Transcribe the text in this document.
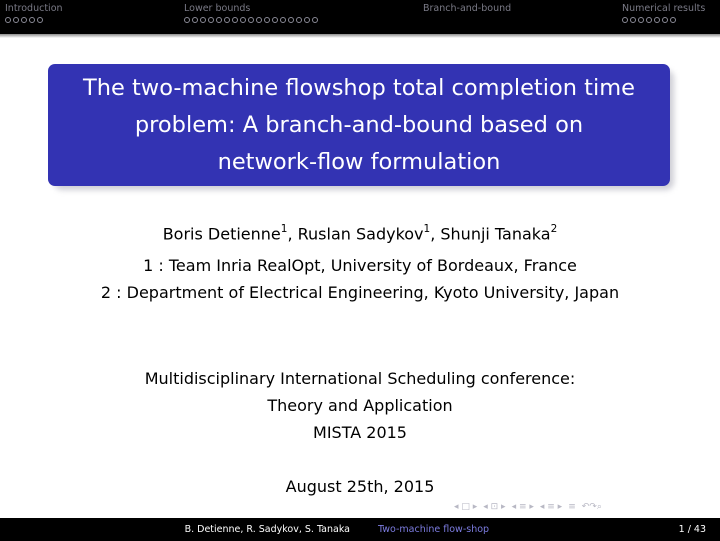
Introduction	Lower bounds	Branch-and-bound	Numerical results
The two-machine flowshop total completion time
problem: A branch-and-bound based on
network-flow formulation
Boris Detienne$^1$, Ruslan Sadykov$^1$, Shunji Tanaka$^2$
1 : Team Inria RealOpt, University of Bordeaux, France
2 : Department of Electrical Engineering, Kyoto University, Japan
Multidisciplinary International Scheduling conference:
Theory and Application
MISTA 2015
August 25th, 2015
◂ □ ▸ ◂ ⊡ ▸ ◂ ≡ ▸ ◂ ≡ ▸ ≡ ↶↷⌕
B. Detienne, R. Sadykov, S. Tanaka	Two-machine flow-shop	1 / 43
